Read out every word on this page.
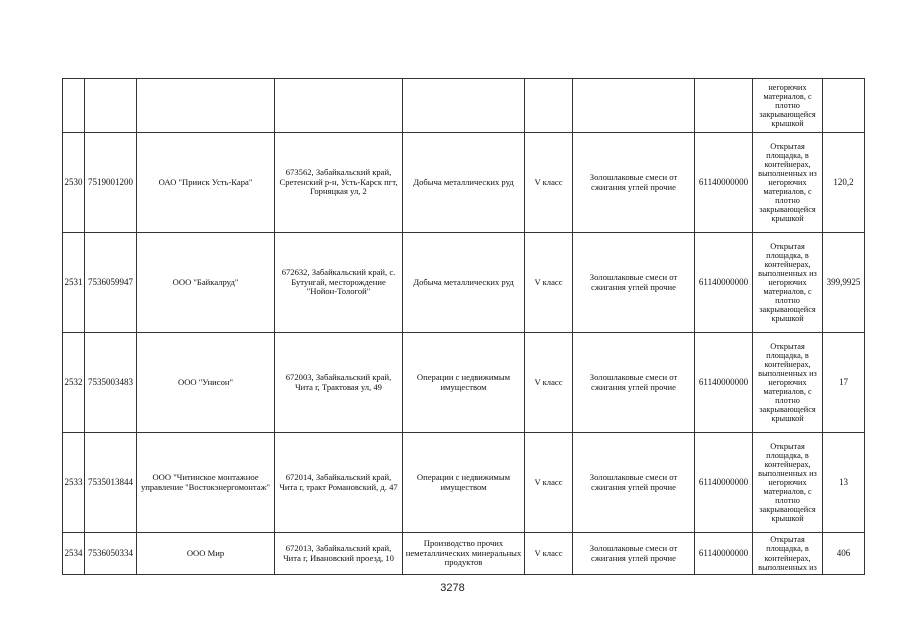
								негорючих материалов, с плотно закрывающейся крышкой	
2530	7519001200	ОАО "Прииск Усть-Кара"	673562, Забайкальский край, Сретенский р-н, Усть-Карск пгт, Горняцкая ул, 2	Добыча металлических руд	V класс	Золошлаковые смеси от сжигания углей прочие	61140000000	Открытая площадка, в контейнерах, выполненных из негорючих материалов, с плотно закрывающейся крышкой	120,2
2531	7536059947	ООО "Байкалруд"	672632, Забайкальский край, с. Бутунгай, месторождение "Нойон-Тологой"	Добыча металлических руд	V класс	Золошлаковые смеси от сжигания углей прочие	61140000000	Открытая площадка, в контейнерах, выполненных из негорючих материалов, с плотно закрывающейся крышкой	399,9925
2532	7535003483	ООО "Унисон"	672003, Забайкальский край, Чита г, Трактовая ул, 49	Операции с недвижимым имуществом	V класс	Золошлаковые смеси от сжигания углей прочие	61140000000	Открытая площадка, в контейнерах, выполненных из негорючих материалов, с плотно закрывающейся крышкой	17
2533	7535013844	ООО "Читинское монтажное управление "Востокэнергомонтаж"	672014, Забайкальский край, Чита г, тракт Романовский, д. 47	Операции с недвижимым имуществом	V класс	Золошлаковые смеси от сжигания углей прочие	61140000000	Открытая площадка, в контейнерах, выполненных из негорючих материалов, с плотно закрывающейся крышкой	13
2534	7536050334	ООО Мир	672013, Забайкальский край, Чита г, Ивановский проезд, 10	Производство прочих неметаллических минеральных продуктов	V класс	Золошлаковые смеси от сжигания углей прочие	61140000000	Открытая площадка, в контейнерах, выполненных из	406
3278
